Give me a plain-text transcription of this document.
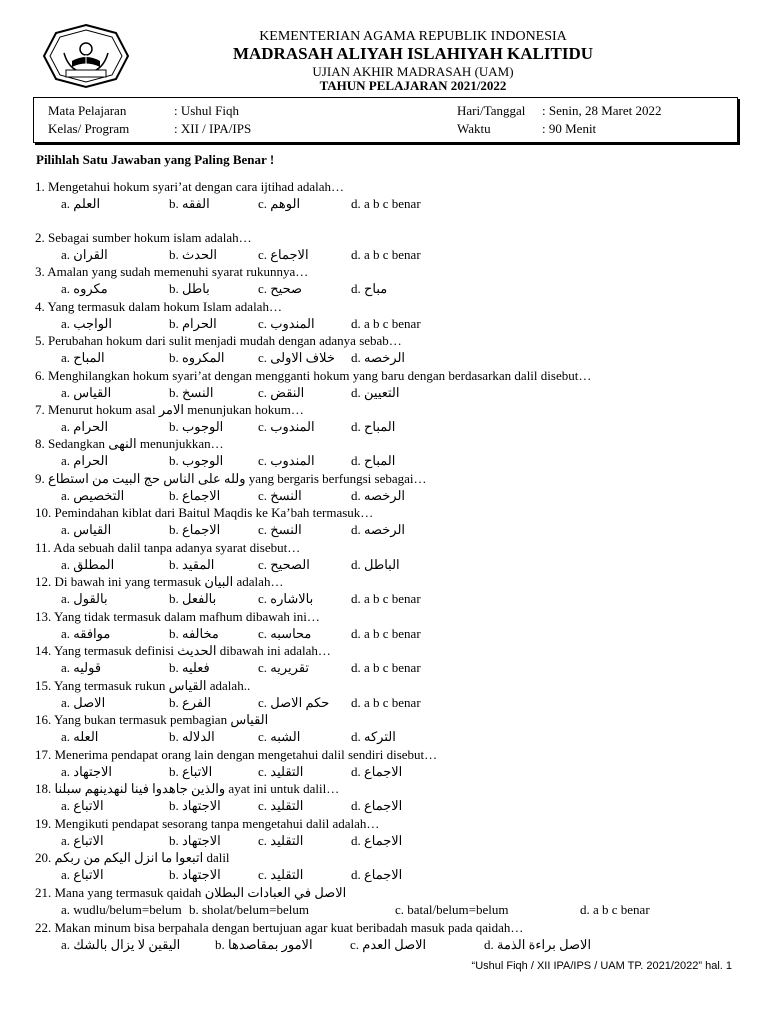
KEMENTERIAN AGAMA REPUBLIK INDONESIA
MADRASAH ALIYAH ISLAHIYAH KALITIDU
UJIAN AKHIR MADRASAH (UAM)
TAHUN PELAJARAN 2021/2022
Mata Pelajaran	: Ushul Fiqh
Kelas/ Program	: XII / IPA/IPS
Hari/Tanggal : Senin, 28 Maret 2022
Waktu	: 90 Menit
Pilihlah Satu Jawaban yang Paling Benar !
1. Mengetahui hokum syari’at dengan cara ijtihad adalah…
a. العلم	b. الفقه	c. الوهم	d. a b c benar
2. Sebagai sumber hokum islam adalah…
a. القران	b. الحدث	c. الاجماع	d. a b c benar
3. Amalan yang sudah memenuhi syarat rukunnya…
a. مكروه	b. باطل	c. صحيح	d. مباح
4. Yang termasuk dalam hokum Islam adalah…
a. الواجب	b. الحرام	c. المندوب	d. a b c benar
5. Perubahan hokum dari sulit menjadi mudah dengan adanya sebab…
a. المباح	b. المكروه	c. خلاف الاولى d. الرخصه
6. Menghilangkan hokum syari’at dengan mengganti hokum yang baru dengan berdasarkan dalil disebut…
a. القياس	b. النسخ	c. النقض	d. التعيين
7. Menurut hokum asal الامر menunjukan hokum…
a. الحرام	b. الوجوب	c. المندوب	d. المباح
8. Sedangkan النهى menunjukkan…
a. الحرام	b. الوجوب	c. المندوب	d. المباح
9. ولله على الناس حج البيت من استطاع yang bergaris berfungsi sebagai…
a. التخصيص	b. الاجماع	c. النسخ	d. الرخصه
10. Pemindahan kiblat dari Baitul Maqdis ke Ka’bah termasuk…
a. القياس	b. الاجماع	c. النسخ	d. الرخصه
11. Ada sebuah dalil tanpa adanya syarat disebut…
a. المطلق	b. المقيد	c. الصحيح	d. الباطل
12. Di bawah ini yang termasuk البيان adalah…
a. بالقول	b. بالفعل	c. بالاشاره	d. a b c benar
13. Yang tidak termasuk dalam mafhum dibawah ini…
a. موافقه	b. مخالفه	c. محاسبه	d. a b c benar
14. Yang termasuk definisi الحديث dibawah ini adalah…
a. قوليه	b. فعليه	c. تقريريه	d. a b c benar
15. Yang termasuk rukun القياس adalah..
a. الاصل	b. الفرع	c. حكم الاصل d. a b c benar
16. Yang bukan termasuk pembagian القياس
a. العله	b. الدلاله	c. الشبه	d. التركه
17. Menerima pendapat orang lain dengan mengetahui dalil sendiri disebut…
a. الاجتهاد	b. الاتباع	c. التقليد	d. الاجماع
18. والذين جاهدوا فينا لنهدينهم سبلنا ayat ini untuk dalil…
a. الاتباع	b. الاجتهاد	c. التقليد	d. الاجماع
19. Mengikuti pendapat sesorang tanpa mengetahui dalil adalah…
a. الاتباع	b. الاجتهاد	c. التقليد	d. الاجماع
20. اتبعوا ما انزل اليكم من ربكم dalil
a. الاتباع	b. الاجتهاد	c. التقليد	d. الاجماع
21. Mana yang termasuk qaidah الاصل في العبادات البطلان
a. wudlu/belum=belum b. sholat/belum=belum	c. batal/belum=belum	d. a b c benar
22. Makan minum bisa berpahala dengan bertujuan agar kuat beribadah masuk pada qaidah…
a. اليقين لا يزال بالشك	b. الامور بمقاصدها	c. الاصل العدم	d. الاصل براءة الذمة
“Ushul Fiqh / XII IPA/IPS / UAM TP. 2021/2022” hal. 1
